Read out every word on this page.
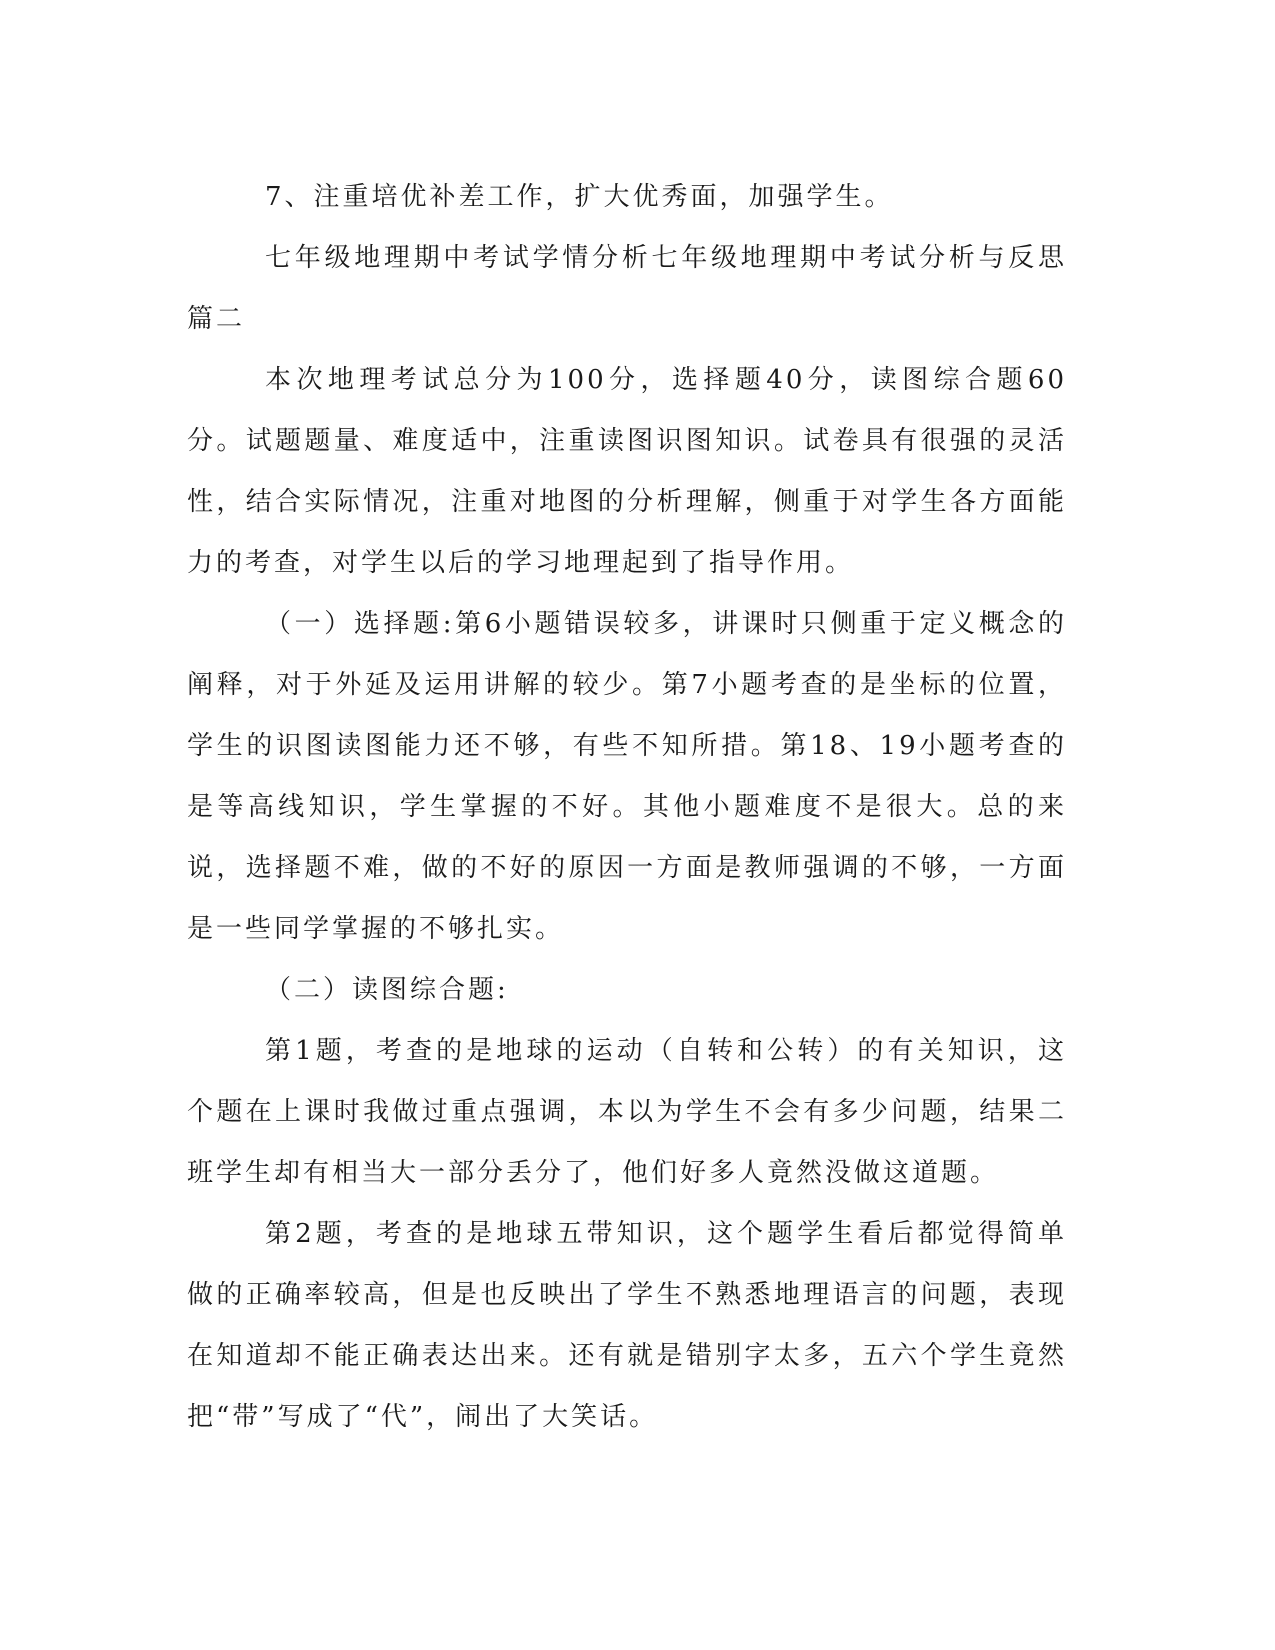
7、注重培优补差工作，扩大优秀面，加强学生。

七年级地理期中考试学情分析七年级地理期中考试分析与反思篇二

本次地理考试总分为100分，选择题40分，读图综合题60分。试题题量、难度适中，注重读图识图知识。试卷具有很强的灵活性，结合实际情况，注重对地图的分析理解，侧重于对学生各方面能力的考查，对学生以后的学习地理起到了指导作用。

（一）选择题:第6小题错误较多，讲课时只侧重于定义概念的阐释，对于外延及运用讲解的较少。第7小题考查的是坐标的位置，学生的识图读图能力还不够，有些不知所措。第18、19小题考查的是等高线知识，学生掌握的不好。其他小题难度不是很大。总的来说，选择题不难，做的不好的原因一方面是教师强调的不够，一方面是一些同学掌握的不够扎实。

（二）读图综合题:

第1题，考查的是地球的运动（自转和公转）的有关知识，这个题在上课时我做过重点强调，本以为学生不会有多少问题，结果二班学生却有相当大一部分丢分了，他们好多人竟然没做这道题。

第2题，考查的是地球五带知识，这个题学生看后都觉得简单做的正确率较高，但是也反映出了学生不熟悉地理语言的问题，表现在知道却不能正确表达出来。还有就是错别字太多，五六个学生竟然把“带”写成了“代”，闹出了大笑话。
